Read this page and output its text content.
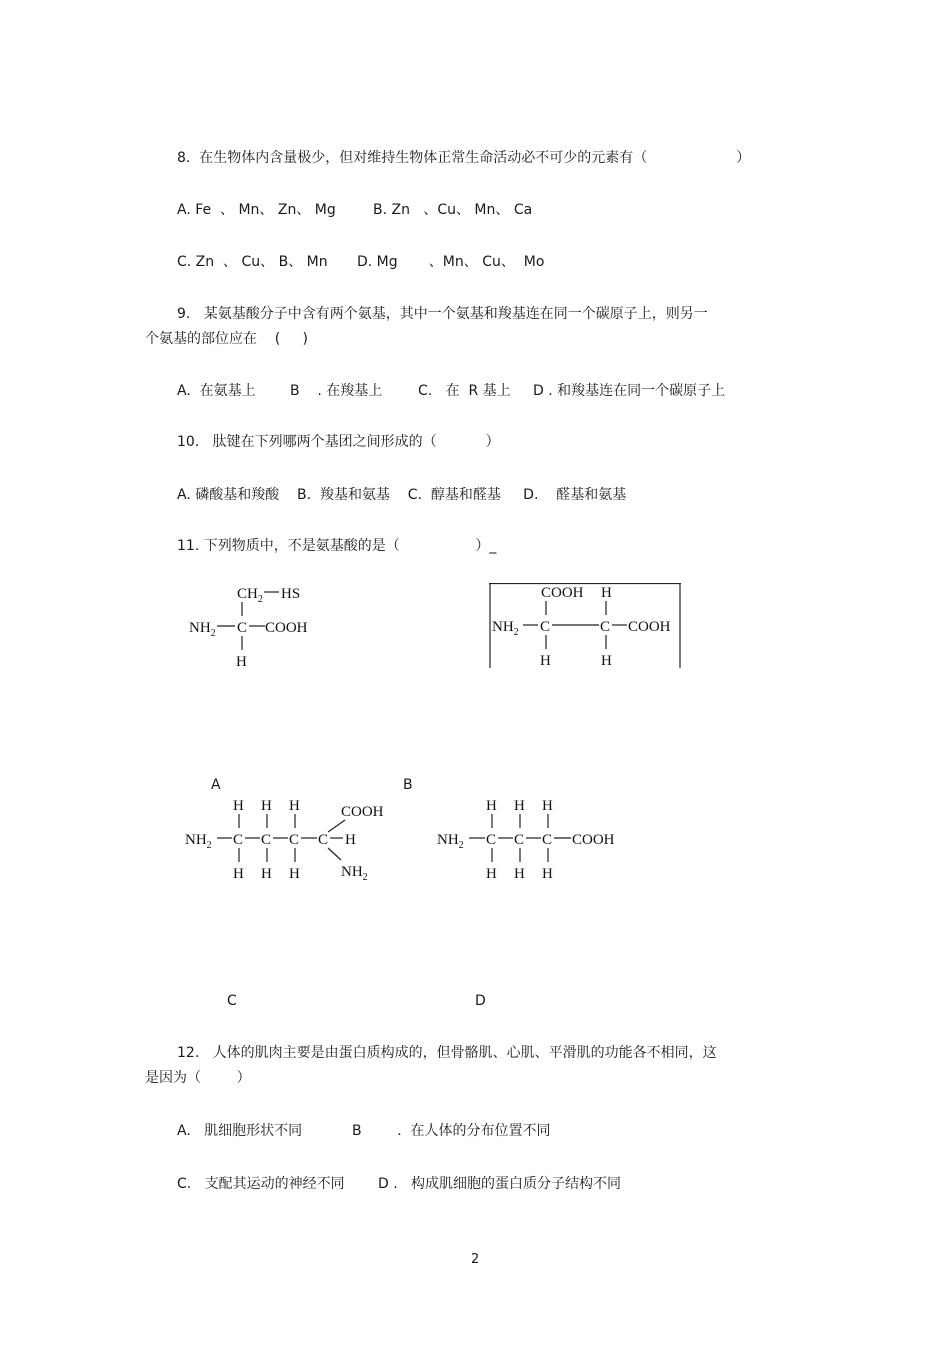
8.  在生物体内含量极少，但对维持生物体正常生命活动必不可少的元素有（                    ）
A. Fe  、 Mn、 Zn、 Mg	B. Zn   、Cu、 Mn、 Ca
C. Zn  、 Cu、 B、 Mn D. Mg       、Mn、 Cu、  Mo
9.   某氨基酸分子中含有两个氨基，其中一个氨基和羧基连在同一个碳原子上，则另一
个氨基的部位应在    (     )
A.  在氨基上 B    . 在羧基上	C.   在  R 基上 D . 和羧基连在同一个碳原子上
10.   肽键在下列哪两个基团之间形成的（           ）
A. 磷酸基和羧酸    B.  羧基和氨基    C.  醇基和醛基     D.    醛基和氨基
11. 下列物质中，不是氨基酸的是（                 ）_
$CH_2$ HS
$NH_2$ C COOH
H
COOH H
$NH_2$ C	C COOH
H	H
A	B
H H H	COOH
$NH_2$ C C C C H
H H H	$NH_2$
H H H
$NH_2$ C C C COOH
H H H
C	D
12.   人体的肌肉主要是由蛋白质构成的，但骨骼肌、心肌、平滑肌的功能各不相同，这
是因为（        ）
A.   肌细胞形状不同	B        .  在人体的分布位置不同
C.   支配其运动的神经不同 D .   构成肌细胞的蛋白质分子结构不同
2
